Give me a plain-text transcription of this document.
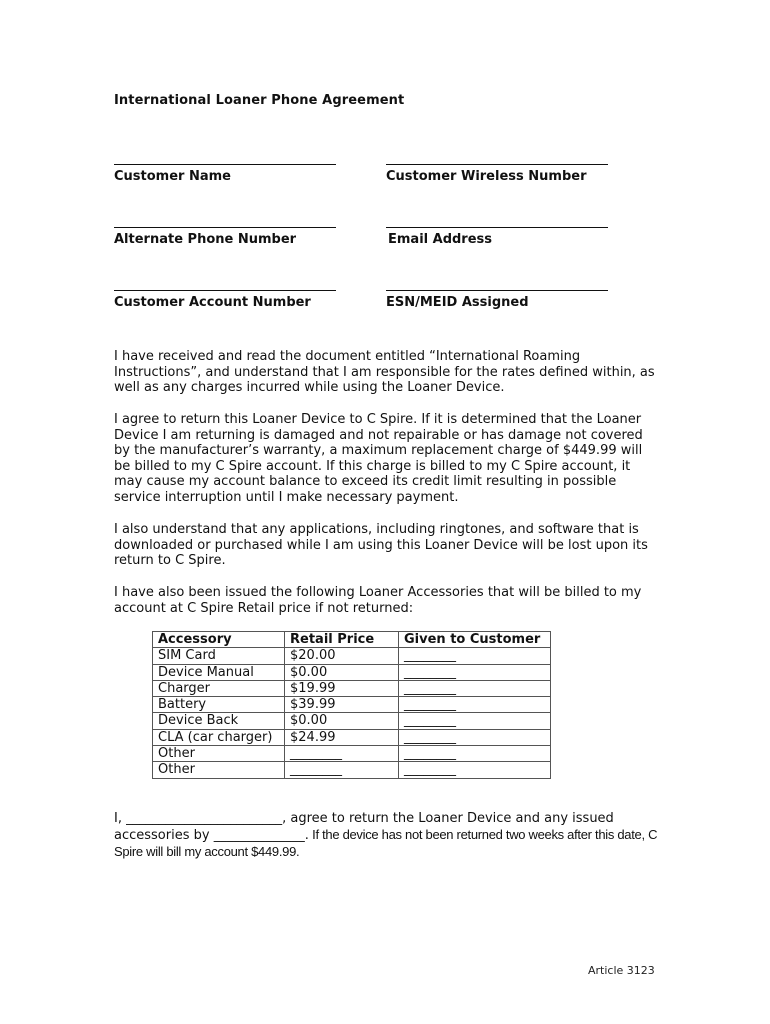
International Loaner Phone Agreement
Customer Name	Customer Wireless Number
Alternate Phone Number	Email Address
Customer Account Number	ESN/MEID Assigned

I have received and read the document entitled “International Roaming Instructions”, and understand that I am responsible for the rates defined within, as well as any charges incurred while using the Loaner Device.

I agree to return this Loaner Device to C Spire. If it is determined that the Loaner Device I am returning is damaged and not repairable or has damage not covered by the manufacturer’s warranty, a maximum replacement charge of $449.99 will be billed to my C Spire account. If this charge is billed to my C Spire account, it may cause my account balance to exceed its credit limit resulting in possible service interruption until I make necessary payment.

I also understand that any applications, including ringtones, and software that is downloaded or purchased while I am using this Loaner Device will be lost upon its return to C Spire.

I have also been issued the following Loaner Accessories that will be billed to my account at C Spire Retail price if not returned:

Accessory	Retail Price	Given to Customer
SIM Card	$20.00	________
Device Manual	$0.00	________
Charger	$19.99	________
Battery	$39.99	________
Device Back	$0.00	________
CLA (car charger)	$24.99	________
Other	________	________
Other	________	________
I, ________________________, agree to return the Loaner Device and any issued accessories by ______________. If the device has not been returned two weeks after this date, C Spire will bill my account $449.99.
Article 3123
